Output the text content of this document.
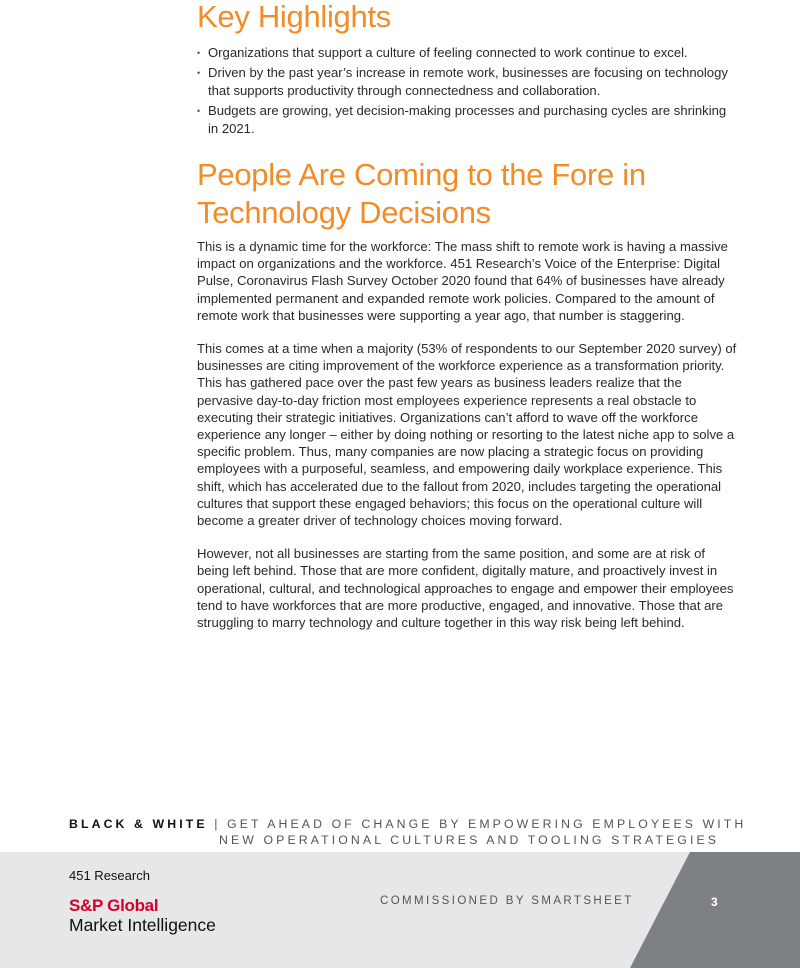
Key Highlights
• Organizations that support a culture of feeling connected to work continue to excel.
• Driven by the past year’s increase in remote work, businesses are focusing on technology that supports productivity through connectedness and collaboration.
• Budgets are growing, yet decision-making processes and purchasing cycles are shrinking in 2021.
People Are Coming to the Fore in
Technology Decisions

This is a dynamic time for the workforce: The mass shift to remote work is having a massive impact on organizations and the workforce. 451 Research’s Voice of the Enterprise: Digital Pulse, Coronavirus Flash Survey October 2020 found that 64% of businesses have already implemented permanent and expanded remote work policies. Compared to the amount of remote work that businesses were supporting a year ago, that number is staggering.

This comes at a time when a majority (53% of respondents to our September 2020 survey) of businesses are citing improvement of the workforce experience as a transformation priority. This has gathered pace over the past few years as business leaders realize that the pervasive day-to-day friction most employees experience represents a real obstacle to executing their strategic initiatives. Organizations can’t afford to wave off the workforce experience any longer – either by doing nothing or resorting to the latest niche app to solve a specific problem. Thus, many companies are now placing a strategic focus on providing employees with a purposeful, seamless, and empowering daily workplace experience. This shift, which has accelerated due to the fallout from 2020, includes targeting the operational cultures that support these engaged behaviors; this focus on the operational culture will become a greater driver of technology choices moving forward.

However, not all businesses are starting from the same position, and some are at risk of being left behind. Those that are more confident, digitally mature, and proactively invest in operational, cultural, and technological approaches to engage and empower their employees tend to have workforces that are more productive, engaged, and innovative. Those that are struggling to marry technology and culture together in this way risk being left behind.

BLACK & WHITE | GET AHEAD OF CHANGE BY EMPOWERING EMPLOYEES WITH
NEW OPERATIONAL CULTURES AND TOOLING STRATEGIES
451 Research
S&P Global
Market Intelligence
COMMISSIONED BY SMARTSHEET	3
